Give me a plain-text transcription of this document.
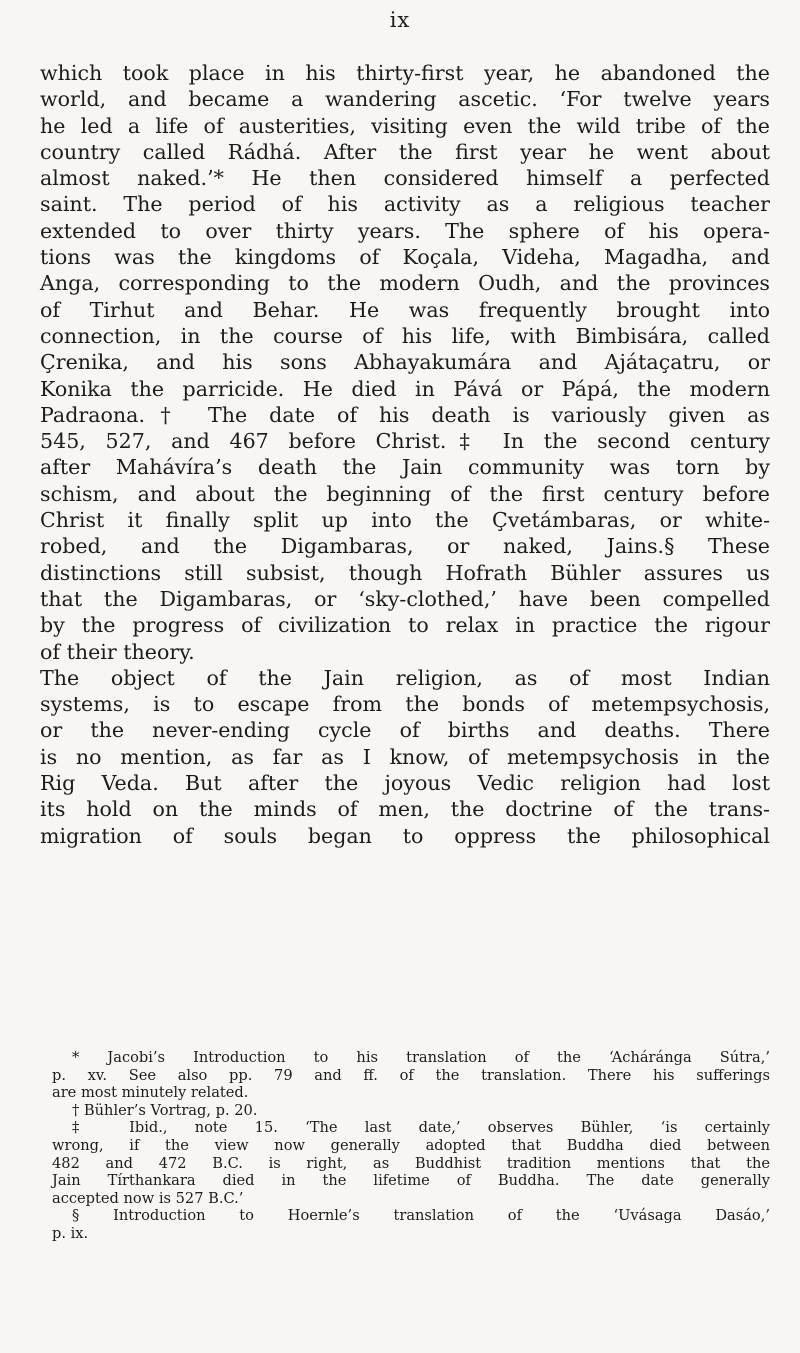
ix
which took place in his thirty-first year, he abandoned the
world, and became a wandering ascetic. ‘For twelve years
he led a life of austerities, visiting even the wild tribe of the
country called Rádhá. After the first year he went about
almost naked.’* He then considered himself a perfected
saint. The period of his activity as a religious teacher
extended to over thirty years. The sphere of his opera-
tions was the kingdoms of Koçala, Videha, Magadha, and
Anga, corresponding to the modern Oudh, and the provinces
of Tirhut and Behar. He was frequently brought into
connection, in the course of his life, with Bimbisára, called
Çrenika, and his sons Abhayakumára and Ajátaçatru, or
Konika the parricide. He died in Pává or Pápá, the modern
Padraona.† The date of his death is variously given as
545, 527, and 467 before Christ.‡ In the second century
after Mahávíra’s death the Jain community was torn by
schism, and about the beginning of the first century before
Christ it finally split up into the Çvetámbaras, or white-
robed, and the Digambaras, or naked, Jains.§ These
distinctions still subsist, though Hofrath Bühler assures us
that the Digambaras, or ‘sky-clothed,’ have been compelled
by the progress of civilization to relax in practice the rigour
of their theory.
The object of the Jain religion, as of most Indian
systems, is to escape from the bonds of metempsychosis,
or the never-ending cycle of births and deaths. There
is no mention, as far as I know, of metempsychosis in the
Rig Veda. But after the joyous Vedic religion had lost
its hold on the minds of men, the doctrine of the trans-
migration of souls began to oppress the philosophical
* Jacobi’s Introduction to his translation of the ‘Acháránga Sútra,’
p. xv. See also pp. 79 and ff. of the translation. There his sufferings
are most minutely related.
† Bühler’s Vortrag, p. 20.
‡ Ibid., note 15. ‘The last date,’ observes Bühler, ‘is certainly
wrong, if the view now generally adopted that Buddha died between
482 and 472 B.C. is right, as Buddhist tradition mentions that the
Jain Tírthankara died in the lifetime of Buddha. The date generally
accepted now is 527 B.C.’
§ Introduction to Hoernle’s translation of the ‘Uvásaga Dasáo,’
p. ix.
